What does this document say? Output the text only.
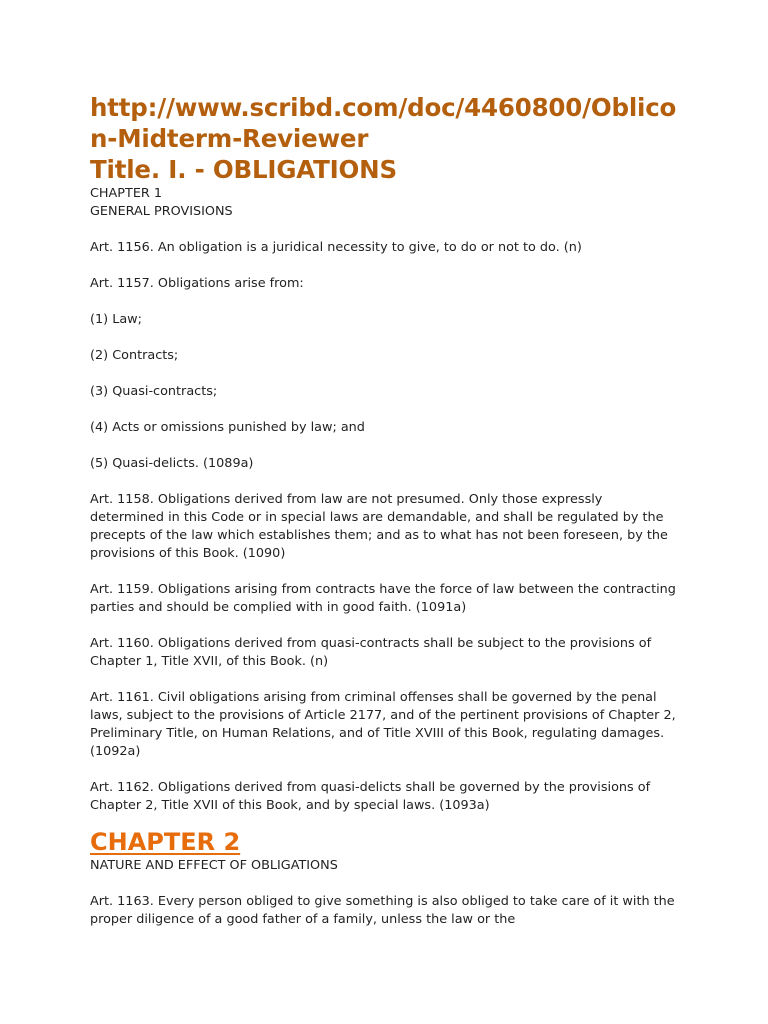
http://www.scribd.com/doc/4460800/Oblicon-Midterm-Reviewer
Title. I. - OBLIGATIONS

CHAPTER 1

GENERAL PROVISIONS

Art. 1156. An obligation is a juridical necessity to give, to do or not to do. (n)

Art. 1157. Obligations arise from:

(1) Law;

(2) Contracts;

(3) Quasi-contracts;

(4) Acts or omissions punished by law; and

(5) Quasi-delicts. (1089a)

Art. 1158. Obligations derived from law are not presumed. Only those expressly determined in this Code or in special laws are demandable, and shall be regulated by the precepts of the law which establishes them; and as to what has not been foreseen, by the provisions of this Book. (1090)

Art. 1159. Obligations arising from contracts have the force of law between the contracting parties and should be complied with in good faith. (1091a)

Art. 1160. Obligations derived from quasi-contracts shall be subject to the provisions of Chapter 1, Title XVII, of this Book. (n)

Art. 1161. Civil obligations arising from criminal offenses shall be governed by the penal laws, subject to the provisions of Article 2177, and of the pertinent provisions of Chapter 2, Preliminary Title, on Human Relations, and of Title XVIII of this Book, regulating damages. (1092a)

Art. 1162. Obligations derived from quasi-delicts shall be governed by the provisions of Chapter 2, Title XVII of this Book, and by special laws. (1093a)

CHAPTER 2

NATURE AND EFFECT OF OBLIGATIONS

Art. 1163. Every person obliged to give something is also obliged to take care of it with the proper diligence of a good father of a family, unless the law or the
